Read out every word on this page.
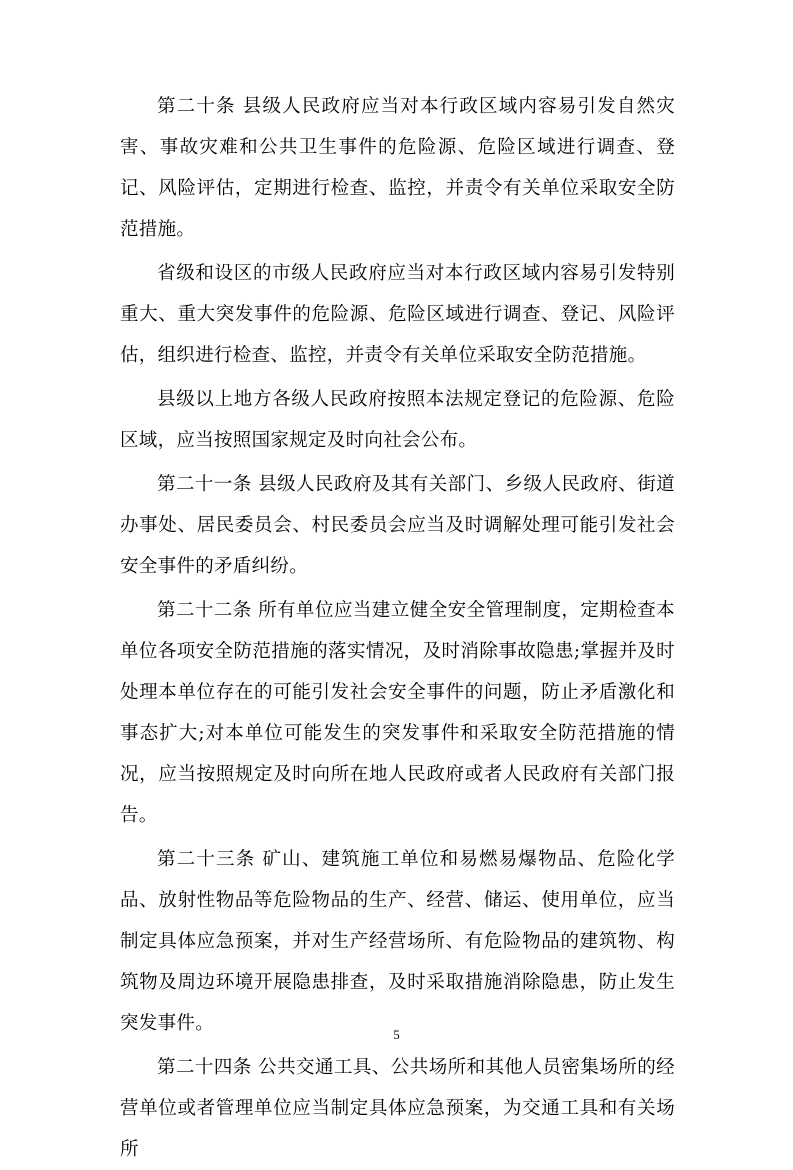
第二十条 县级人民政府应当对本行政区域内容易引发自然灾害、事故灾难和公共卫生事件的危险源、危险区域进行调查、登记、风险评估，定期进行检查、监控，并责令有关单位采取安全防范措施。

省级和设区的市级人民政府应当对本行政区域内容易引发特别重大、重大突发事件的危险源、危险区域进行调查、登记、风险评估，组织进行检查、监控，并责令有关单位采取安全防范措施。

县级以上地方各级人民政府按照本法规定登记的危险源、危险区域，应当按照国家规定及时向社会公布。

第二十一条 县级人民政府及其有关部门、乡级人民政府、街道办事处、居民委员会、村民委员会应当及时调解处理可能引发社会安全事件的矛盾纠纷。

第二十二条 所有单位应当建立健全安全管理制度，定期检查本单位各项安全防范措施的落实情况，及时消除事故隐患;掌握并及时处理本单位存在的可能引发社会安全事件的问题，防止矛盾激化和事态扩大;对本单位可能发生的突发事件和采取安全防范措施的情况，应当按照规定及时向所在地人民政府或者人民政府有关部门报告。

第二十三条 矿山、建筑施工单位和易燃易爆物品、危险化学品、放射性物品等危险物品的生产、经营、储运、使用单位，应当制定具体应急预案，并对生产经营场所、有危险物品的建筑物、构筑物及周边环境开展隐患排查，及时采取措施消除隐患，防止发生突发事件。

第二十四条 公共交通工具、公共场所和其他人员密集场所的经营单位或者管理单位应当制定具体应急预案，为交通工具和有关场所

5
